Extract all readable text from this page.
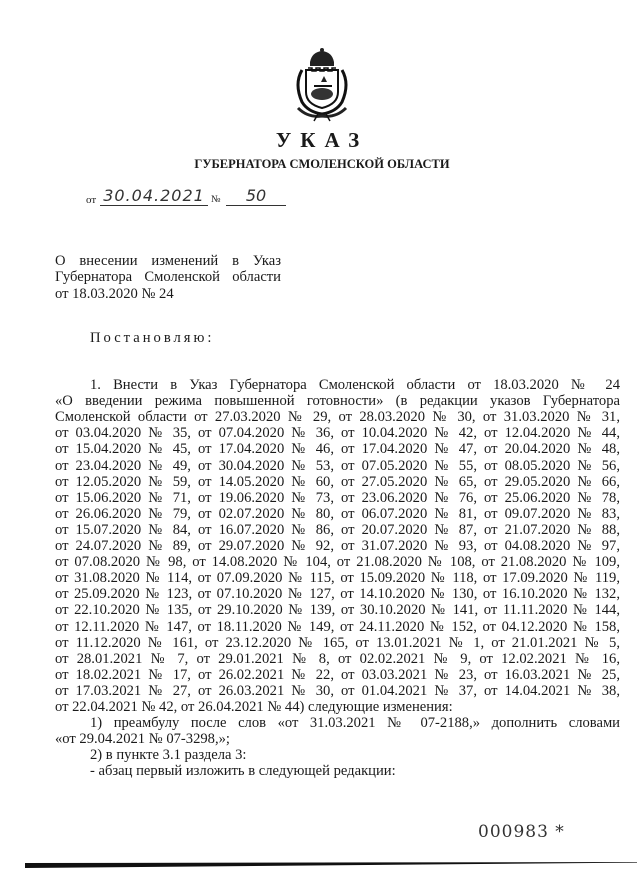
УКАЗ
ГУБЕРНАТОРА СМОЛЕНСКОЙ ОБЛАСТИ
от 30.04.2021 №	50
О внесении изменений в Указ
Губернатора Смоленской области
от 18.03.2020 № 24
Постановляю:
1. Внести в Указ Губернатора Смоленской области от 18.03.2020 № 24
«О введении режима повышенной готовности» (в редакции указов Губернатора
Смоленской области от 27.03.2020 № 29, от 28.03.2020 № 30, от 31.03.2020 № 31,
от 03.04.2020 № 35, от 07.04.2020 № 36, от 10.04.2020 № 42, от 12.04.2020 № 44,
от 15.04.2020 № 45, от 17.04.2020 № 46, от 17.04.2020 № 47, от 20.04.2020 № 48,
от 23.04.2020 № 49, от 30.04.2020 № 53, от 07.05.2020 № 55, от 08.05.2020 № 56,
от 12.05.2020 № 59, от 14.05.2020 № 60, от 27.05.2020 № 65, от 29.05.2020 № 66,
от 15.06.2020 № 71, от 19.06.2020 № 73, от 23.06.2020 № 76, от 25.06.2020 № 78,
от 26.06.2020 № 79, от 02.07.2020 № 80, от 06.07.2020 № 81, от 09.07.2020 № 83,
от 15.07.2020 № 84, от 16.07.2020 № 86, от 20.07.2020 № 87, от 21.07.2020 № 88,
от 24.07.2020 № 89, от 29.07.2020 № 92, от 31.07.2020 № 93, от 04.08.2020 № 97,
от 07.08.2020 № 98, от 14.08.2020 № 104, от 21.08.2020 № 108, от 21.08.2020 № 109,
от 31.08.2020 № 114, от 07.09.2020 № 115, от 15.09.2020 № 118, от 17.09.2020 № 119,
от 25.09.2020 № 123, от 07.10.2020 № 127, от 14.10.2020 № 130, от 16.10.2020 № 132,
от 22.10.2020 № 135, от 29.10.2020 № 139, от 30.10.2020 № 141, от 11.11.2020 № 144,
от 12.11.2020 № 147, от 18.11.2020 № 149, от 24.11.2020 № 152, от 04.12.2020 № 158,
от 11.12.2020 № 161, от 23.12.2020 № 165, от 13.01.2021 № 1, от 21.01.2021 № 5,
от 28.01.2021 № 7, от 29.01.2021 № 8, от 02.02.2021 № 9, от 12.02.2021 № 16,
от 18.02.2021 № 17, от 26.02.2021 № 22, от 03.03.2021 № 23, от 16.03.2021 № 25,
от 17.03.2021 № 27, от 26.03.2021 № 30, от 01.04.2021 № 37, от 14.04.2021 № 38,
от 22.04.2021 № 42, от 26.04.2021 № 44) следующие изменения:
1) преамбулу после слов «от 31.03.2021 № 07-2188,» дополнить словами
«от 29.04.2021 № 07-3298,»;
2) в пункте 3.1 раздела 3:
- абзац первый изложить в следующей редакции:
000983 *
